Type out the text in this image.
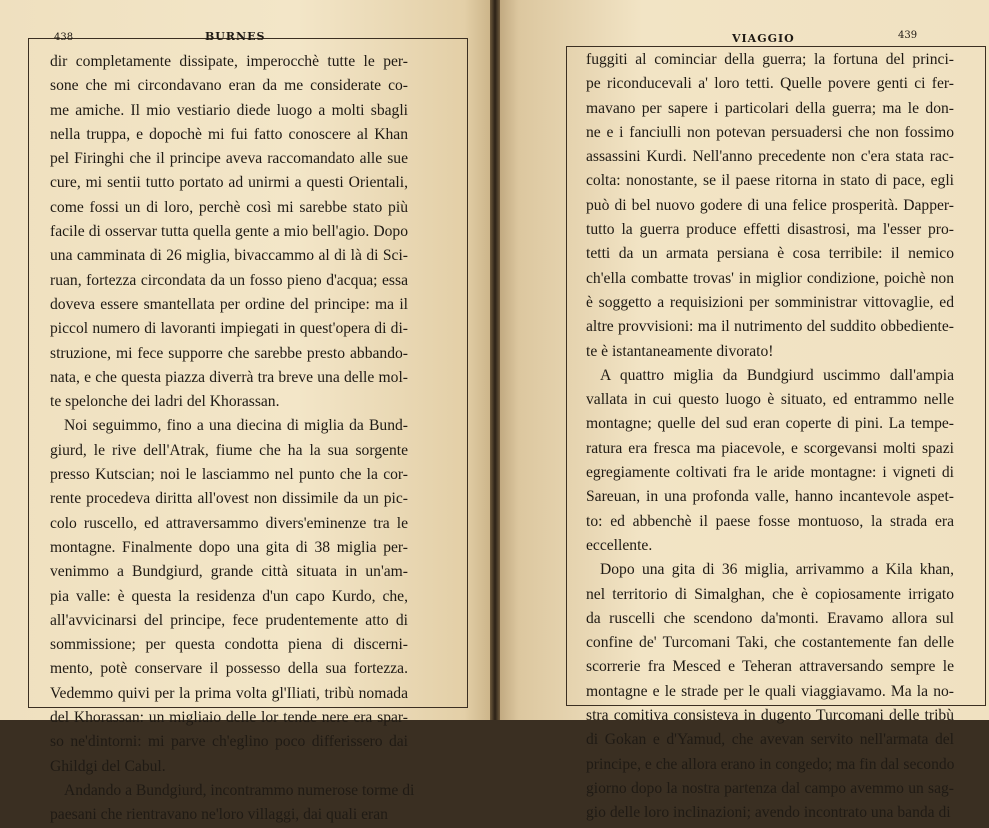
438	BURNES
dir completamente dissipate, imperocchè tutte le per-
sone che mi circondavano eran da me considerate co-
me amiche. Il mio vestiario diede luogo a molti sbagli
nella truppa, e dopochè mi fui fatto conoscere al Khan
pel Firinghi che il principe aveva raccomandato alle sue
cure, mi sentii tutto portato ad unirmi a questi Orientali,
come fossi un di loro, perchè così mi sarebbe stato più
facile di osservar tutta quella gente a mio bell'agio. Dopo
una camminata di 26 miglia, bivaccammo al di là di Sci-
ruan, fortezza circondata da un fosso pieno d'acqua; essa
doveva essere smantellata per ordine del principe: ma il
piccol numero di lavoranti impiegati in quest'opera di di-
struzione, mi fece supporre che sarebbe presto abbando-
nata, e che questa piazza diverrà tra breve una delle mol-
te spelonche dei ladri del Khorassan.
Noi seguimmo, fino a una diecina di miglia da Bund-
giurd, le rive dell'Atrak, fiume che ha la sua sorgente
presso Kutscian; noi le lasciammo nel punto che la cor-
rente procedeva diritta all'ovest non dissimile da un pic-
colo ruscello, ed attraversammo divers'eminenze tra le
montagne. Finalmente dopo una gita di 38 miglia per-
venimmo a Bundgiurd, grande città situata in un'am-
pia valle: è questa la residenza d'un capo Kurdo, che,
all'avvicinarsi del principe, fece prudentemente atto di
sommissione; per questa condotta piena di discerni-
mento, potè conservare il possesso della sua fortezza.
Vedemmo quivi per la prima volta gl'Iliati, tribù nomada
del Khorassan: un migliaio delle lor tende nere era spar-
so ne'dintorni: mi parve ch'eglino poco differissero dai
Ghildgi del Cabul.
Andando a Bundgiurd, incontrammo numerose torme di
paesani che rientravano ne'loro villaggi, dai quali eran
VIAGGIO	439
fuggiti al cominciar della guerra; la fortuna del princi-
pe riconducevali a' loro tetti. Quelle povere genti ci fer-
mavano per sapere i particolari della guerra; ma le don-
ne e i fanciulli non potevan persuadersi che non fossimo
assassini Kurdi. Nell'anno precedente non c'era stata rac-
colta: nonostante, se il paese ritorna in stato di pace, egli
può di bel nuovo godere di una felice prosperità. Dapper-
tutto la guerra produce effetti disastrosi, ma l'esser pro-
tetti da un armata persiana è cosa terribile: il nemico
ch'ella combatte trovas' in miglior condizione, poichè non
è soggetto a requisizioni per somministrar vittovaglie, ed
altre provvisioni: ma il nutrimento del suddito obbediente-
te è istantaneamente divorato!
A quattro miglia da Bundgiurd uscimmo dall'ampia
vallata in cui questo luogo è situato, ed entrammo nelle
montagne; quelle del sud eran coperte di pini. La tempe-
ratura era fresca ma piacevole, e scorgevansi molti spazi
egregiamente coltivati fra le aride montagne: i vigneti di
Sareuan, in una profonda valle, hanno incantevole aspet-
to: ed abbenchè il paese fosse montuoso, la strada era
eccellente.
Dopo una gita di 36 miglia, arrivammo a Kila khan,
nel territorio di Simalghan, che è copiosamente irrigato
da ruscelli che scendono da'monti. Eravamo allora sul
confine de' Turcomani Taki, che costantemente fan delle
scorrerie fra Mesced e Teheran attraversando sempre le
montagne e le strade per le quali viaggiavamo. Ma la no-
stra comitiva consisteva in dugento Turcomani delle tribù
di Gokan e d'Yamud, che avevan servito nell'armata del
principe, e che allora erano in congedo; ma fin dal secondo
giorno dopo la nostra partenza dal campo avemmo un sag-
gio delle loro inclinazioni; avendo incontrato una banda di
